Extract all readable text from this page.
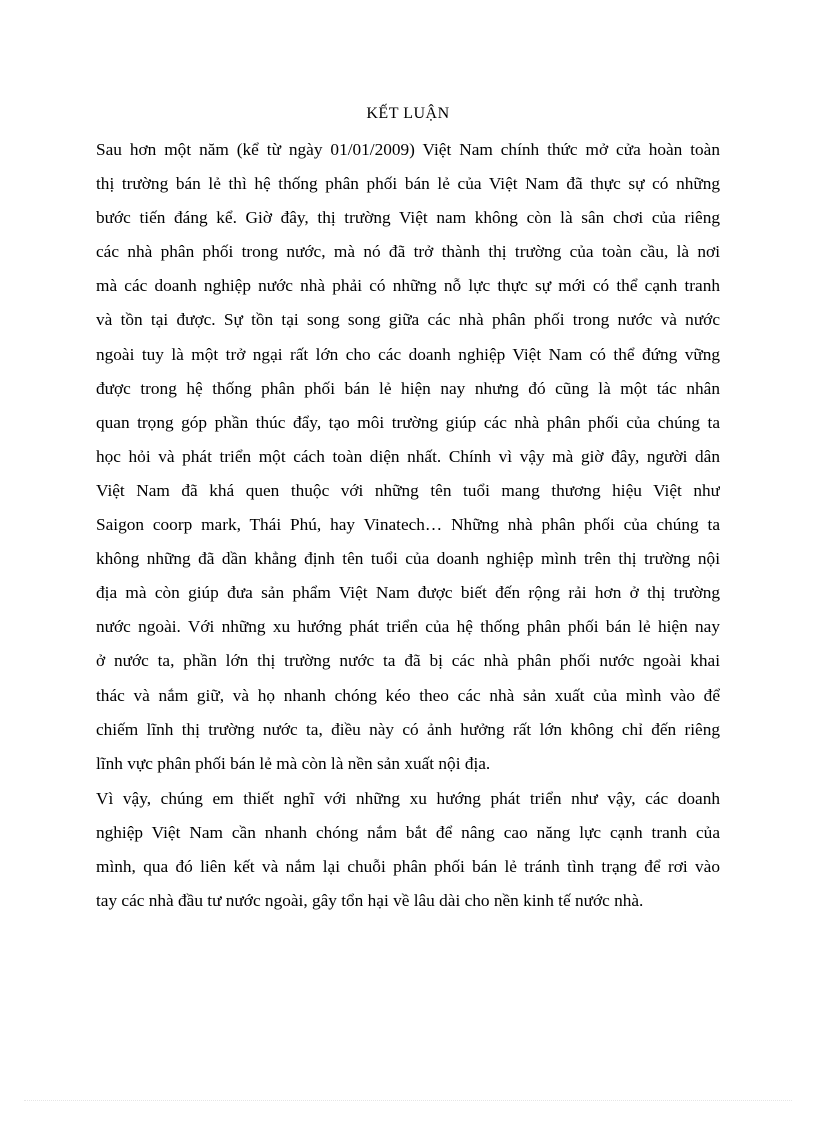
KẾT LUẬN
Sau hơn một năm (kể từ ngày 01/01/2009) Việt Nam chính thức mở cửa hoàn toàn
thị trường bán lẻ thì hệ thống phân phối bán lẻ của Việt Nam đã thực sự có những
bước tiến đáng kể. Giờ đây, thị trường Việt nam không còn là sân chơi của riêng
các nhà phân phối trong nước, mà nó đã trở thành thị trường của toàn cầu, là nơi
mà các doanh nghiệp nước nhà phải có những nỗ lực thực sự mới có thể cạnh tranh
và tồn tại được. Sự tồn tại song song giữa các nhà phân phối trong nước và nước
ngoài tuy là một trở ngại rất lớn cho các doanh nghiệp Việt Nam có thể đứng vững
được trong hệ thống phân phối bán lẻ hiện nay nhưng đó cũng là một tác nhân
quan trọng góp phần thúc đẩy, tạo môi trường giúp các nhà phân phối của chúng ta
học hỏi và phát triển một cách toàn diện nhất. Chính vì vậy mà giờ đây, người dân
Việt Nam đã khá quen thuộc với những tên tuổi mang thương hiệu Việt như
Saigon coorp mark, Thái Phú, hay Vinatech… Những nhà phân phối của chúng ta
không những đã dần khẳng định tên tuổi của doanh nghiệp mình trên thị trường nội
địa mà còn giúp đưa sản phẩm Việt Nam được biết đến rộng rải hơn ở thị trường
nước ngoài. Với những xu hướng phát triển của hệ thống phân phối bán lẻ hiện nay
ở nước ta, phần lớn thị trường nước ta đã bị các nhà phân phối nước ngoài khai
thác và nắm giữ, và họ nhanh chóng kéo theo các nhà sản xuất của mình vào để
chiếm lĩnh thị trường nước ta, điều này có ảnh hưởng rất lớn không chỉ đến riêng
lĩnh vực phân phối bán lẻ mà còn là nền sản xuất nội địa.
Vì vậy, chúng em thiết nghĩ với những xu hướng phát triển như vậy, các doanh
nghiệp Việt Nam cần nhanh chóng nắm bắt để nâng cao năng lực cạnh tranh của
mình, qua đó liên kết và nắm lại chuỗi phân phối bán lẻ tránh tình trạng để rơi vào
tay các nhà đầu tư nước ngoài, gây tổn hại về lâu dài cho nền kinh tế nước nhà.
